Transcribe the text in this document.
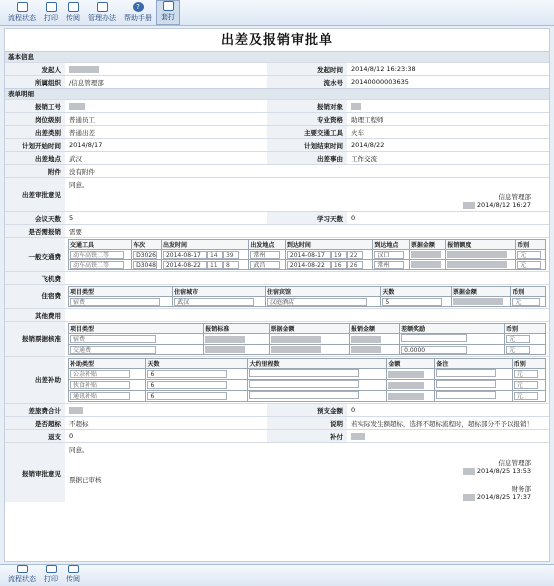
流程状态 打印 传阅 管理办法
?
帮助手册 套打
出差及报销审批单
基本信息
发起人	发起时间	2014/8/12 16:23:38
所属组织	/信息管理部	流水号	20140000003635
表单明细
报销工号	报销对象
岗位级别	普通员工	专业资格	助理工程师
出差类别	普通出差	主要交通工具	火车
计划开始时间	2014/8/17	计划结束时间	2014/8/22
出差地点	武汉	出差事由	工作交流
附件	没有附件
出差审批意见
同意。
信息管理部
2014/8/12 16:27
会议天数	5	学习天数	0
是否需报销	需要
一般交通费
交通工具	车次	出发时间	出发地点	到达时间	到达地点	票据金额	报销额度	币别
动车高铁二等	D3026	2014-08-17 14 39	常州	2014-08-17 19 22	汉口			元
动车高铁二等	D3048	2014-08-22 11 8	武昌	2014-08-22 16 26	常州			元
飞机费
住宿费	项目类型	住宿城市	住宿宾馆	天数	票据金额	币别
宿费	武汉	汉庭酒店	5		元
其他费用
报销票据核准
项目类型	报销标准	票据金额	报销金额	差额奖励	币别
宿费					元
交通费				0.0000	元
出差补助
补助类型	天数	大约里程数	金额	备注	币别
公杂补贴	6				元
伙食补贴	6				元
通讯补贴	6				元
差旅费合计	预支金额	0
是否超标	不超标	说明	若实际发生额超标，选择不超标流程时，超标部分不予以报销！
退支	0	补付
报销审批意见
同意。
信息管理部
2014/8/25 13:53
票据已审核
财务部
2014/8/25 17:37
流程状态 打印 传阅
